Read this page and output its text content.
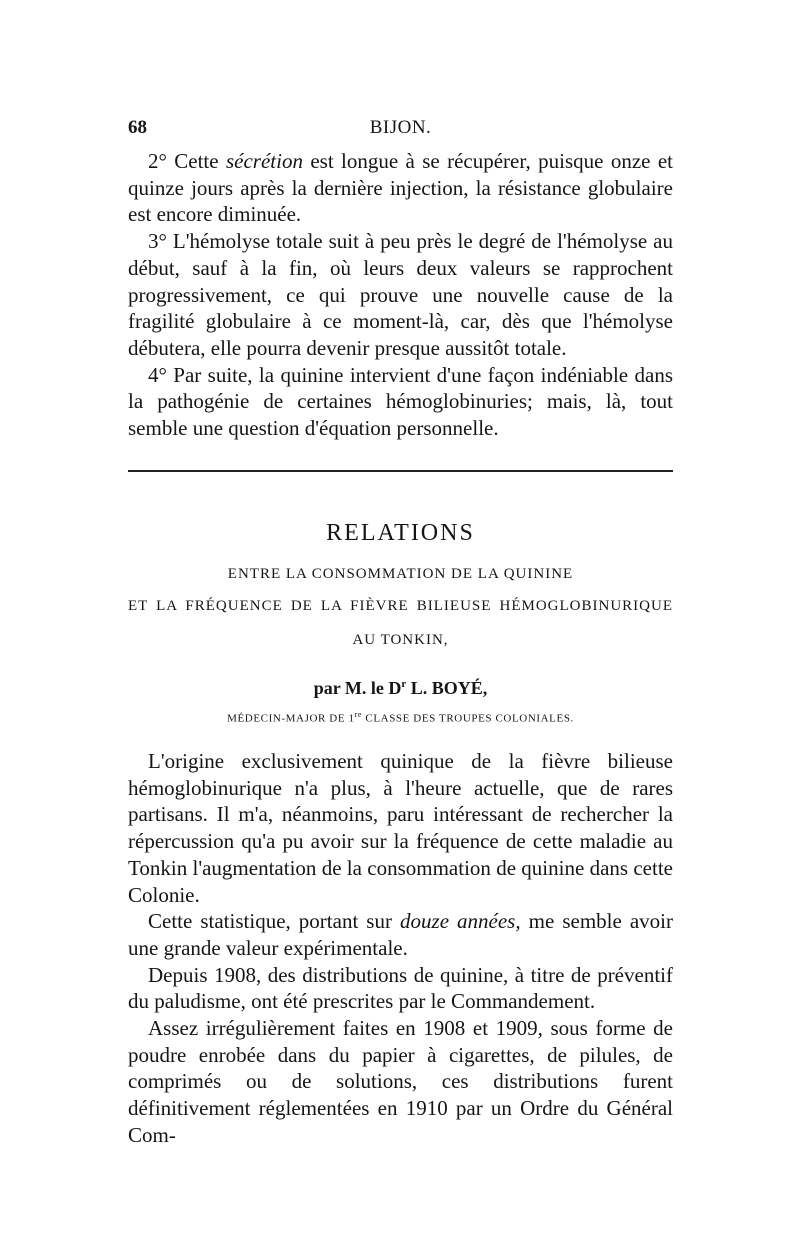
68	BIJON.

2° Cette sécrétion est longue à se récupérer, puisque onze et quinze jours après la dernière injection, la résistance globulaire est encore diminuée.

3° L'hémolyse totale suit à peu près le degré de l'hémolyse au début, sauf à la fin, où leurs deux valeurs se rapprochent progressivement, ce qui prouve une nouvelle cause de la fragilité globulaire à ce moment-là, car, dès que l'hémolyse débutera, elle pourra devenir presque aussitôt totale.

4° Par suite, la quinine intervient d'une façon indéniable dans la pathogénie de certaines hémoglobinuries; mais, là, tout semble une question d'équation personnelle.

RELATIONS
ENTRE LA CONSOMMATION DE LA QUININE
ET LA FRÉQUENCE DE LA FIÈVRE BILIEUSE HÉMOGLOBINURIQUE
AU TONKIN,
par M. le $D^r$ L. BOYÉ,
MÉDECIN-MAJOR DE 1re CLASSE DES TROUPES COLONIALES.

L'origine exclusivement quinique de la fièvre bilieuse hémoglobinurique n'a plus, à l'heure actuelle, que de rares partisans. Il m'a, néanmoins, paru intéressant de rechercher la répercussion qu'a pu avoir sur la fréquence de cette maladie au Tonkin l'augmentation de la consommation de quinine dans cette Colonie.

Cette statistique, portant sur douze années, me semble avoir une grande valeur expérimentale.

Depuis 1908, des distributions de quinine, à titre de préventif du paludisme, ont été prescrites par le Commandement.

Assez irrégulièrement faites en 1908 et 1909, sous forme de poudre enrobée dans du papier à cigarettes, de pilules, de comprimés ou de solutions, ces distributions furent définitivement réglementées en 1910 par un Ordre du Général Com-
